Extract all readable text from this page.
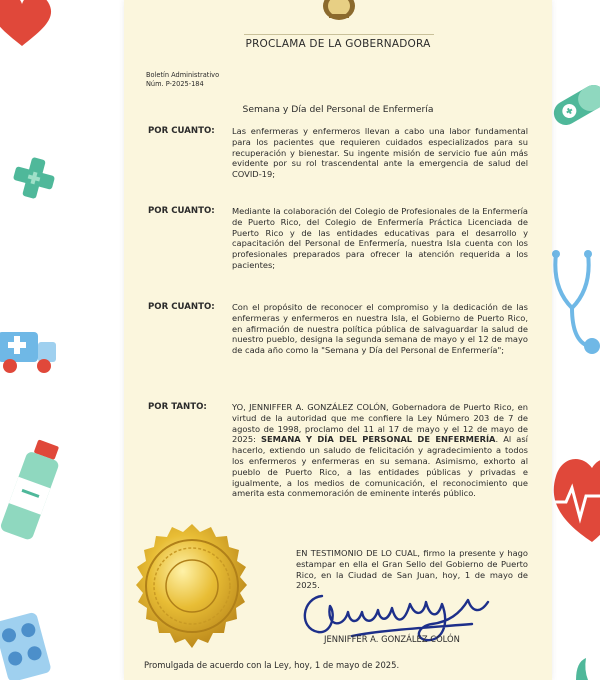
PROCLAMA DE LA GOBERNADORA
Boletín Administrativo
Núm. P-2025-184
Semana y Día del Personal de Enfermería
POR CUANTO: Las enfermeras y enfermeros llevan a cabo una labor fundamental para los pacientes que requieren cuidados especializados para su recuperación y bienestar. Su ingente misión de servicio fue aún más evidente por su rol trascendental ante la emergencia de salud del COVID-19;

POR CUANTO: Mediante la colaboración del Colegio de Profesionales de la Enfermería de Puerto Rico, del Colegio de Enfermería Práctica Licenciada de Puerto Rico y de las entidades educativas para el desarrollo y capacitación del Personal de Enfermería, nuestra Isla cuenta con los profesionales preparados para ofrecer la atención requerida a los pacientes;

POR CUANTO: Con el propósito de reconocer el compromiso y la dedicación de las enfermeras y enfermeros en nuestra Isla, el Gobierno de Puerto Rico, en afirmación de nuestra política pública de salvaguardar la salud de nuestro pueblo, designa la segunda semana de mayo y el 12 de mayo de cada año como la "Semana y Día del Personal de Enfermería";

POR TANTO:	YO, JENNIFFER A. GONZÁLEZ COLÓN, Gobernadora de Puerto Rico, en virtud de la autoridad que me confiere la Ley Número 203 de 7 de agosto de 1998, proclamo del 11 al 17 de mayo y el 12 de mayo de 2025: SEMANA Y DÍA DEL PERSONAL DE ENFERMERÍA. Al así hacerlo, extiendo un saludo de felicitación y agradecimiento a todos los enfermeros y enfermeras en su semana. Asimismo, exhorto al pueblo de Puerto Rico, a las entidades públicas y privadas e igualmente, a los medios de comunicación, el reconocimiento que amerita esta conmemoración de eminente interés público.

EN TESTIMONIO DE LO CUAL, firmo la presente y hago estampar en ella el Gran Sello del Gobierno de Puerto Rico, en la Ciudad de San Juan, hoy, 1 de mayo de 2025.

JENNIFFER A. GONZÁLEZ COLÓN
Promulgada de acuerdo con la Ley, hoy, 1 de mayo de 2025.
